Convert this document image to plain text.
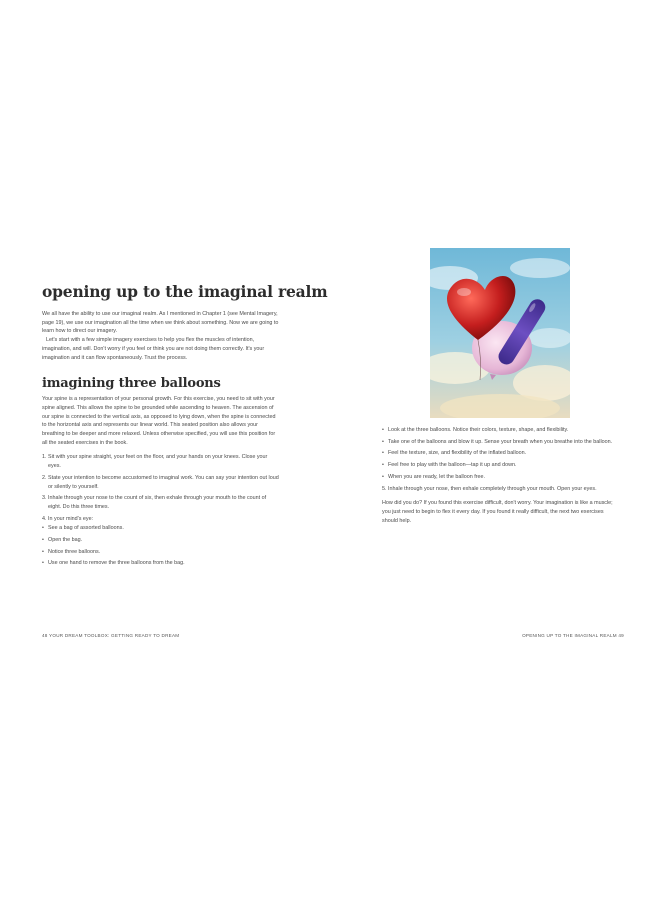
opening up to the imaginal realm

We all have the ability to use our imaginal realm. As I mentioned in Chapter 1 (see Mental Imagery, page 19), we use our imagination all the time when we think about something. Now we are going to learn how to direct our imagery.

Let's start with a few simple imagery exercises to help you flex the muscles of intention, imagination, and will. Don't worry if you feel or think you are not doing them correctly. It's your imagination and it can flow spontaneously. Trust the process.

imagining three balloons

Your spine is a representation of your personal growth. For this exercise, you need to sit with your spine aligned. This allows the spine to be grounded while ascending to heaven. The ascension of our spine is connected to the vertical axis, as opposed to lying down, when the spine is connected to the horizontal axis and represents our linear world. This seated position also allows your breathing to be deeper and more relaxed. Unless otherwise specified, you will use this position for all the seated exercises in the book.

1. Sit with your spine straight, your feet on the floor, and your hands on your knees. Close your eyes.
2. State your intention to become accustomed to imaginal work. You can say your intention out loud or silently to yourself.
3. Inhale through your nose to the count of six, then exhale through your mouth to the count of eight. Do this three times.
4. In your mind's eye:
• See a bag of assorted balloons.
• Open the bag.
• Notice three balloons.
• Use one hand to remove the three balloons from the bag.
48 YOUR DREAM TOOLBOX: GETTING READY TO DREAM
• Look at the three balloons. Notice their colors, texture, shape, and flexibility.
• Take one of the balloons and blow it up. Sense your breath when you breathe into the balloon.
• Feel the texture, size, and flexibility of the inflated balloon.
• Feel free to play with the balloon—tap it up and down.
• When you are ready, let the balloon free.
5. Inhale through your nose, then exhale completely through your mouth. Open your eyes.

How did you do? If you found this exercise difficult, don't worry. Your imagination is like a muscle; you just need to begin to flex it every day. If you found it really difficult, the next two exercises should help.

OPENING UP TO THE IMAGINAL REALM 49
